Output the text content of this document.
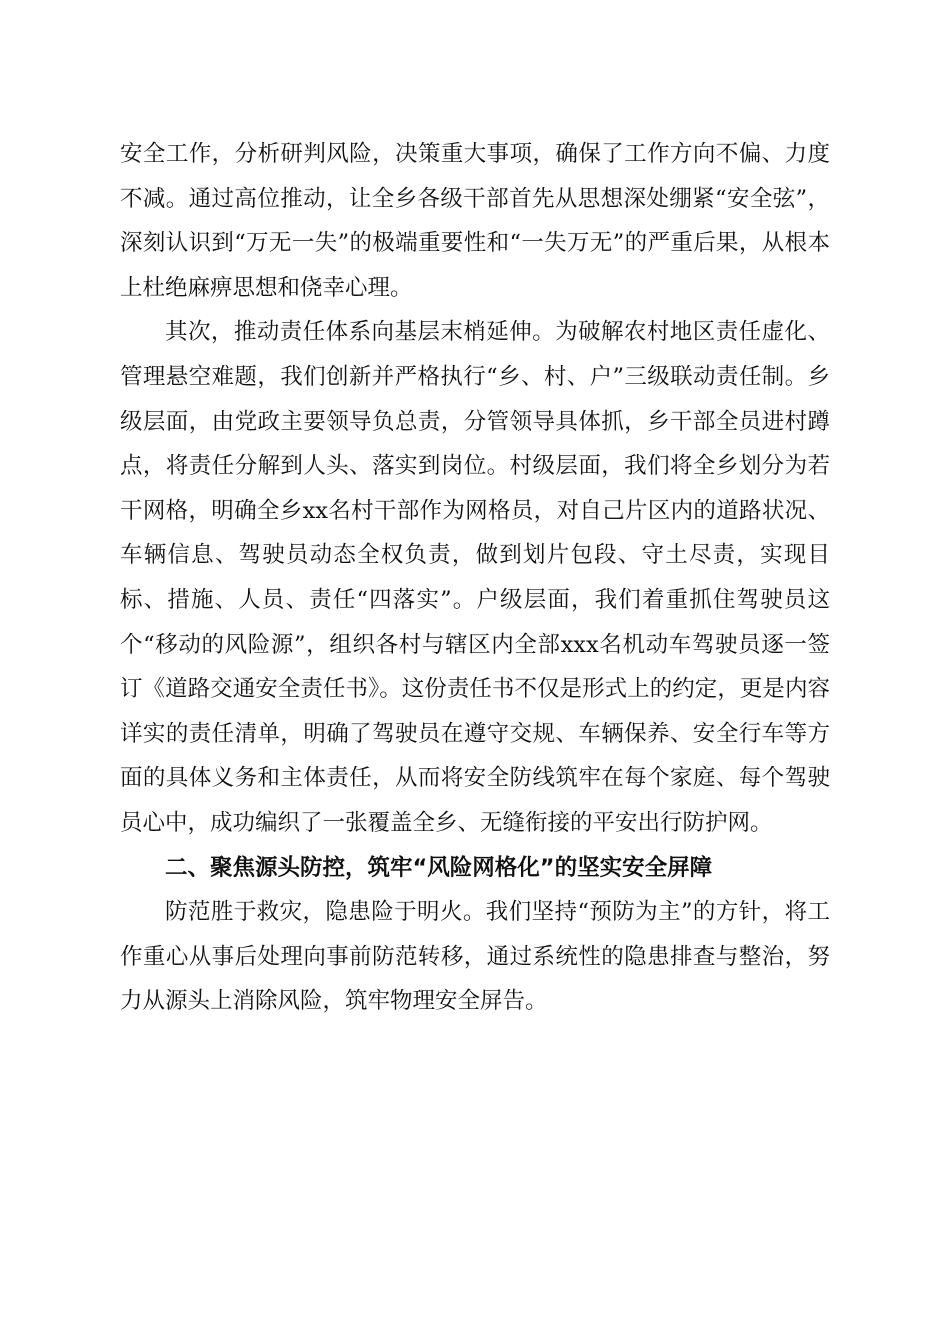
安全工作，分析研判风险，决策重大事项，确保了工作方向不偏、力度不减。通过高位推动，让全乡各级干部首先从思想深处绷紧“安全弦”，深刻认识到“万无一失”的极端重要性和“一失万无”的严重后果，从根本上杜绝麻痹思想和侥幸心理。

其次，推动责任体系向基层末梢延伸。为破解农村地区责任虚化、管理悬空难题，我们创新并严格执行“乡、村、户”三级联动责任制。乡级层面，由党政主要领导负总责，分管领导具体抓，乡干部全员进村蹲点，将责任分解到人头、落实到岗位。村级层面，我们将全乡划分为若干网格，明确全乡xx名村干部作为网格员，对自己片区内的道路状况、车辆信息、驾驶员动态全权负责，做到划片包段、守土尽责，实现目标、措施、人员、责任“四落实”。户级层面，我们着重抓住驾驶员这个“移动的风险源”，组织各村与辖区内全部xxx名机动车驾驶员逐一签订《道路交通安全责任书》。这份责任书不仅是形式上的约定，更是内容详实的责任清单，明确了驾驶员在遵守交规、车辆保养、安全行车等方面的具体义务和主体责任，从而将安全防线筑牢在每个家庭、每个驾驶员心中，成功编织了一张覆盖全乡、无缝衔接的平安出行防护网。

二、聚焦源头防控，筑牢“风险网格化”的坚实安全屏障

防范胜于救灾，隐患险于明火。我们坚持“预防为主”的方针，将工作重心从事后处理向事前防范转移，通过系统性的隐患排查与整治，努力从源头上消除风险，筑牢物理安全屏告。
